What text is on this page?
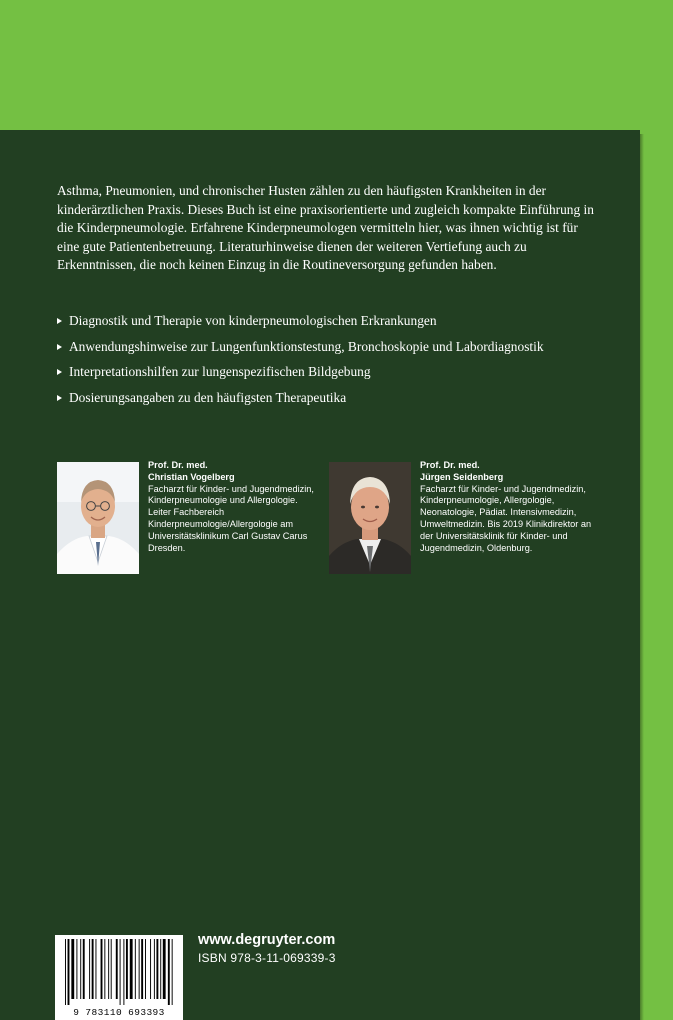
Asthma, Pneumonien, und chronischer Husten zählen zu den häufigsten Krankheiten in der kinderärztlichen Praxis. Dieses Buch ist eine praxisorientierte und zugleich kompakte Einführung in die Kinderpneumologie. Erfahrene Kinderpneumologen vermitteln hier, was ihnen wichtig ist für eine gute Patientenbetreuung. Literaturhinweise dienen der weiteren Vertiefung auch zu Erkenntnissen, die noch keinen Einzug in die Routineversorgung gefunden haben.

Diagnostik und Therapie von kinderpneumologischen Erkrankungen
Anwendungshinweise zur Lungenfunktionstestung, Bronchoskopie und Labordiagnostik
Interpretationshilfen zur lungenspezifischen Bildgebung
Dosierungsangaben zu den häufigsten Therapeutika
Prof. Dr. med.
Christian Vogelberg
Facharzt für Kinder- und Jugendmedizin, Kinderpneumologie und Allergologie. Leiter Fachbereich Kinderpneumologie/Allergologie am Universitätsklinikum Carl Gustav Carus Dresden.
Prof. Dr. med.
Jürgen Seidenberg
Facharzt für Kinder- und Jugendmedizin, Kinderpneumologie, Allergologie, Neonatologie, Pädiat. Intensivmedizin, Umweltmedizin. Bis 2019 Klinikdirektor an der Universitätsklinik für Kinder- und Jugendmedizin, Oldenburg.
9 783110 693393
www.degruyter.com
ISBN 978-3-11-069339-3
